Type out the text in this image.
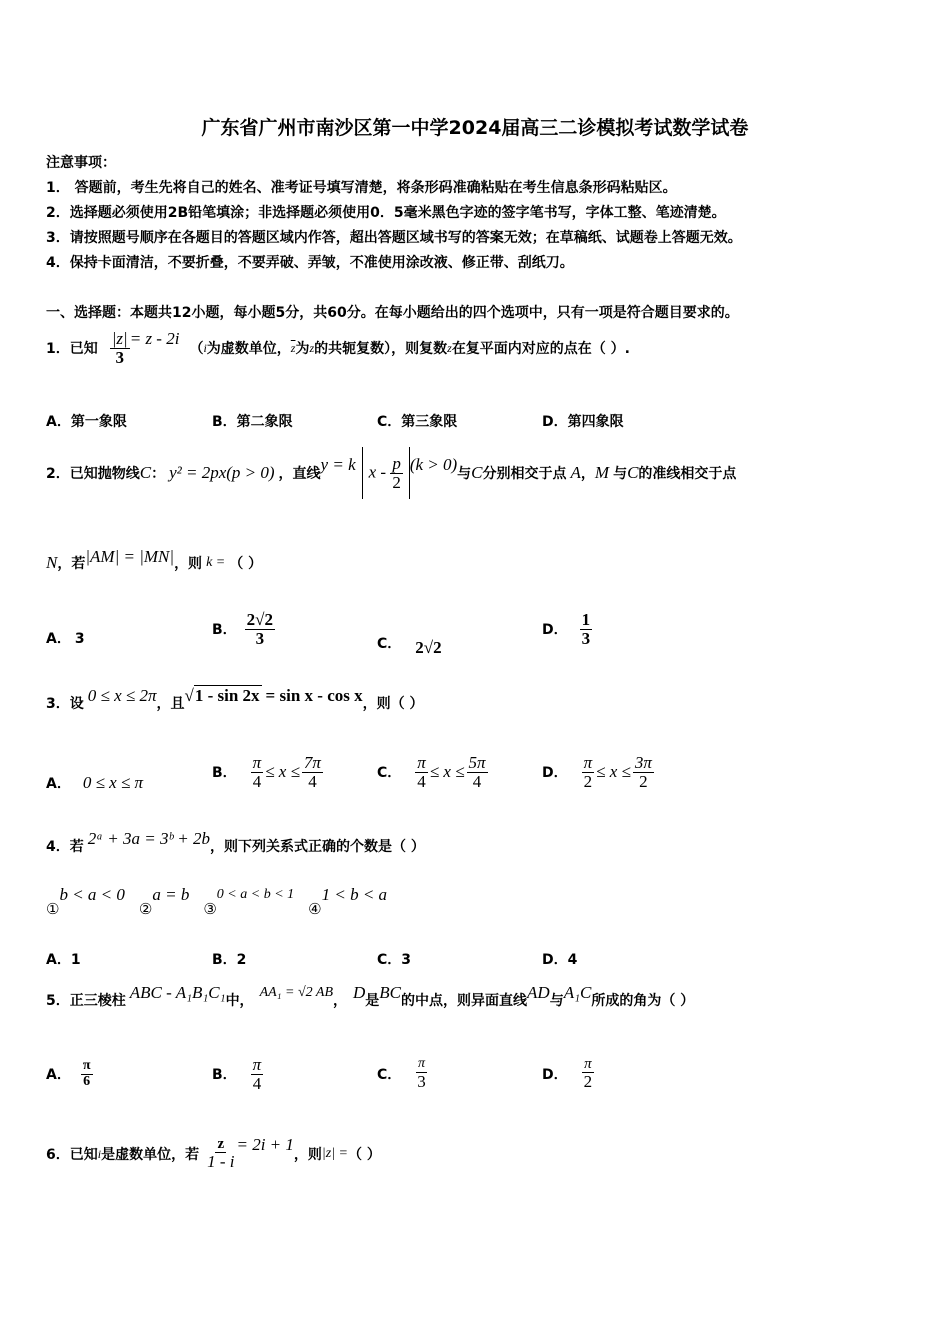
广东省广州市南沙区第一中学2024届高三二诊模拟考试数学试卷
注意事项：
1． 答题前，考生先将自己的姓名、准考证号填写清楚，将条形码准确粘贴在考生信息条形码粘贴区。
2．选择题必须使用2B铅笔填涂；非选择题必须使用0．5毫米黑色字迹的签字笔书写，字体工整、笔迹清楚。
3．请按照题号顺序在各题目的答题区域内作答，超出答题区域书写的答案无效；在草稿纸、试题卷上答题无效。
4．保持卡面清洁，不要折叠，不要弄破、弄皱，不准使用涂改液、修正带、刮纸刀。
一、选择题：本题共12小题，每小题5分，共60分。在每小题给出的四个选项中，只有一项是符合题目要求的。
1．已知 $\frac{|z|}{3} = z - 2i$
（ i 为虚数单位， $\overline{z}$ 为 z 的共轭复数），则复数 z 在复平面内对应的点在（ ）.
A．第一象限	B．第二象限	C．第三象限	D．第四象限
2．已知抛物线 C ： y² = 2px(p > 0) ，直线 y = k $x - \frac{p}{2} (k > 0)$ 与 C 分别相交于点 A ， M 与 C 的准线相交于点
N ，若 |AM| = |MN| ，则 k = （ ）
A． 3
B． $\frac{2√2}{3}$	C． 2√2
D． $\frac{1}{3}$
3．设 0 ≤ x ≤ 2π ，且 √1 - sin 2x = sin x - cos x ，则（ ）
A． 0 ≤ x ≤ π	B． $\frac{\pi}{4} \le x \le \frac{7\pi}{4}$	C． $\frac{\pi}{4} \le x \le \frac{5\pi}{4}$	D． $\frac{\pi}{2} \le x \le \frac{3\pi}{2}$
4．若 2ᵃ + 3a = 3ᵇ + 2b ，则下列关系式正确的个数是（ ）
①
b < a < 0
②
a = b
③
0 < a < b < 1
④
1 < b < a
A．1	B．2	C．3	D．4
5．正三棱柱 ABC - A₁B₁C₁ 中，
AA₁ = √2 AB
， D 是 BC 的中点，则异面直线 AD 与 A₁C 所成的角为（ ）
A． $\frac{\pi}{6}$	B． $\frac{\pi}{4}$	C． $\frac{\pi}{3}$	D． $\frac{\pi}{2}$
6．已知 i 是虚数单位，若 $\frac{z}{1 - i} = 2i + 1$
，则 |z| = （ ）
